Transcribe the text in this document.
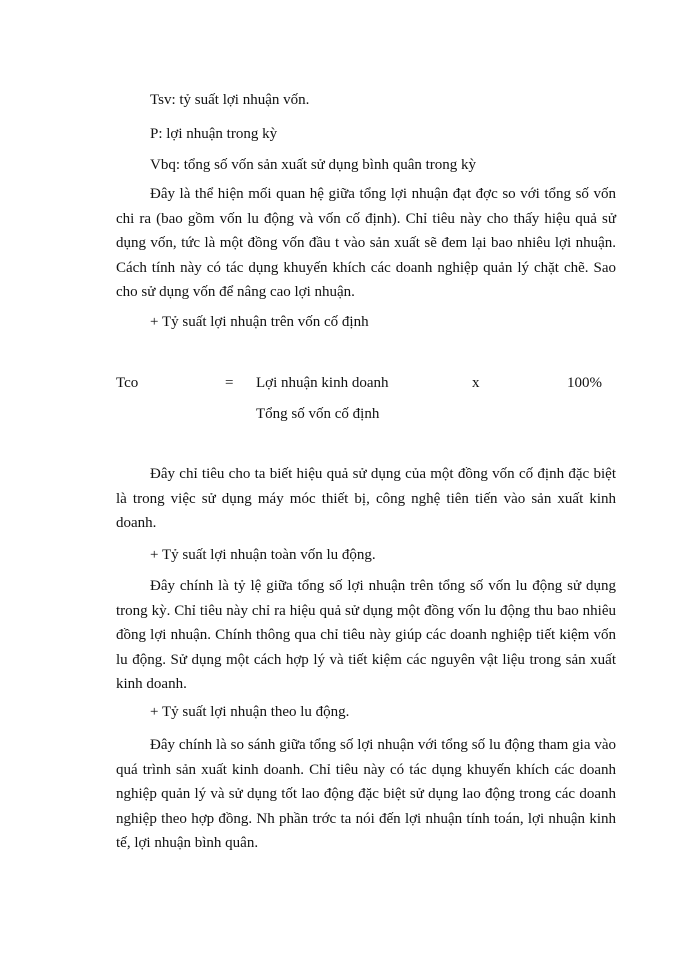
Tsv: tỷ suất lợi nhuận vốn.
P: lợi nhuận trong kỳ
Vbq: tổng số vốn sản xuất sử dụng bình quân trong kỳ
Đây là thể hiện mối quan hệ giữa tổng lợi nhuận đạt đợc so với tổng số vốn chi ra (bao gồm vốn lu động và vốn cố định). Chỉ tiêu này cho thấy hiệu quả sử dụng vốn, tức là một đồng vốn đầu t vào sản xuất sẽ đem lại bao nhiêu lợi nhuận. Cách tính này có tác dụng khuyến khích các doanh nghiệp quản lý chặt chẽ. Sao cho sử dụng vốn để nâng cao lợi nhuận.
+ Tỷ suất lợi nhuận trên vốn cố định
Tco	= Lợi nhuận kinh doanh	x	100%
Tổng số vốn cố định
Đây chỉ tiêu cho ta biết hiệu quả sử dụng của một đồng vốn cố định đặc biệt là trong việc sử dụng máy móc thiết bị, công nghệ tiên tiến vào sản xuất kinh doanh.
+ Tỷ suất lợi nhuận toàn vốn lu động.
Đây chính là tỷ lệ giữa tổng số lợi nhuận trên tổng số vốn lu động sử dụng trong kỳ. Chỉ tiêu này chỉ ra hiệu quả sử dụng một đồng vốn lu động thu bao nhiêu đồng lợi nhuận. Chính thông qua chỉ tiêu này giúp các doanh nghiệp tiết kiệm vốn lu động. Sử dụng một cách hợp lý và tiết kiệm các nguyên vật liệu trong sản xuất kinh doanh.
+ Tỷ suất lợi nhuận theo lu động.
Đây chính là so sánh giữa tổng số lợi nhuận với tổng số lu động tham gia vào quá trình sản xuất kinh doanh. Chỉ tiêu này có tác dụng khuyến khích các doanh nghiệp quản lý và sử dụng tốt lao động đặc biệt sử dụng lao động trong các doanh nghiệp theo hợp đồng. Nh phần trớc ta nói đến lợi nhuận tính toán, lợi nhuận kinh tế, lợi nhuận bình quân.
